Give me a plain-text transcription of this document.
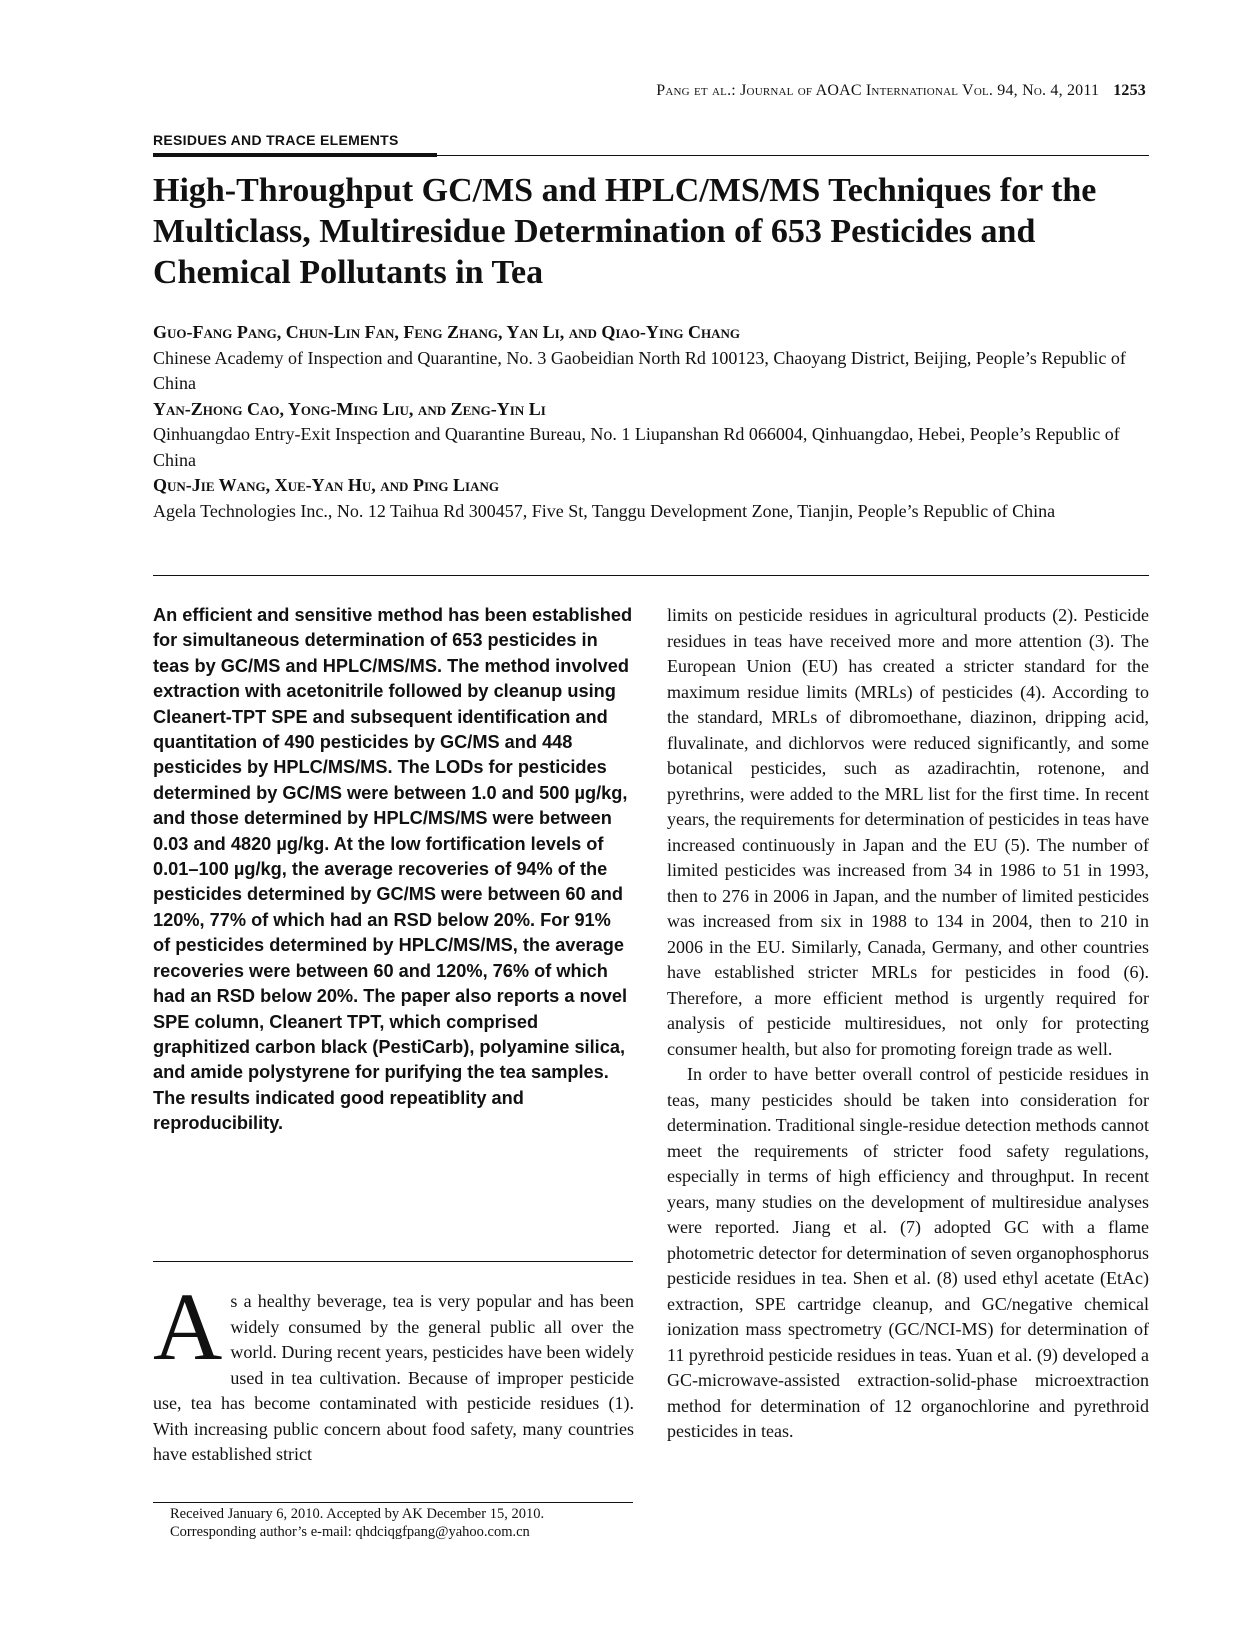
Pang et al.: Journal of AOAC International Vol. 94, No. 4, 2011 1253
RESIDUES AND TRACE ELEMENTS
High-Throughput GC/MS and HPLC/MS/MS Techniques for the Multiclass, Multiresidue Determination of 653 Pesticides and Chemical Pollutants in Tea
Guo-Fang Pang, Chun-Lin Fan, Feng Zhang, Yan Li, and Qiao-Ying Chang
Chinese Academy of Inspection and Quarantine, No. 3 Gaobeidian North Rd 100123, Chaoyang District, Beijing, People’s Republic of China
Yan-Zhong Cao, Yong-Ming Liu, and Zeng-Yin Li
Qinhuangdao Entry-Exit Inspection and Quarantine Bureau, No. 1 Liupanshan Rd 066004, Qinhuangdao, Hebei, People’s Republic of China
Qun-Jie Wang, Xue-Yan Hu, and Ping Liang
Agela Technologies Inc., No. 12 Taihua Rd 300457, Five St, Tanggu Development Zone, Tianjin, People’s Republic of China
An efficient and sensitive method has been established for simultaneous determination of 653 pesticides in teas by GC/MS and HPLC/MS/MS. The method involved extraction with acetonitrile followed by cleanup using Cleanert-TPT SPE and subsequent identification and quantitation of 490 pesticides by GC/MS and 448 pesticides by HPLC/MS/MS. The LODs for pesticides determined by GC/MS were between 1.0 and 500 µg/kg, and those determined by HPLC/MS/MS were between 0.03 and 4820 µg/kg. At the low fortification levels of 0.01–100 µg/kg, the average recoveries of 94% of the pesticides determined by GC/MS were between 60 and 120%, 77% of which had an RSD below 20%. For 91% of pesticides determined by HPLC/MS/MS, the average recoveries were between 60 and 120%, 76% of which had an RSD below 20%. The paper also reports a novel SPE column, Cleanert TPT, which comprised graphitized carbon black (PestiCarb), polyamine silica, and amide polystyrene for purifying the tea samples. The results indicated good repeatiblity and reproducibility.

As a healthy beverage, tea is very popular and has been widely consumed by the general public all over the world. During recent years, pesticides have been widely used in tea cultivation. Because of improper pesticide use, tea has become contaminated with pesticide residues (1). With increasing public concern about food safety, many countries have established strict

Received January 6, 2010. Accepted by AK December 15, 2010.
Corresponding author’s e-mail: qhdciqgfpang@yahoo.com.cn

limits on pesticide residues in agricultural products (2). Pesticide residues in teas have received more and more attention (3). The European Union (EU) has created a stricter standard for the maximum residue limits (MRLs) of pesticides (4). According to the standard, MRLs of dibromoethane, diazinon, dripping acid, fluvalinate, and dichlorvos were reduced significantly, and some botanical pesticides, such as azadirachtin, rotenone, and pyrethrins, were added to the MRL list for the first time. In recent years, the requirements for determination of pesticides in teas have increased continuously in Japan and the EU (5). The number of limited pesticides was increased from 34 in 1986 to 51 in 1993, then to 276 in 2006 in Japan, and the number of limited pesticides was increased from six in 1988 to 134 in 2004, then to 210 in 2006 in the EU. Similarly, Canada, Germany, and other countries have established stricter MRLs for pesticides in food (6). Therefore, a more efficient method is urgently required for analysis of pesticide multiresidues, not only for protecting consumer health, but also for promoting foreign trade as well.

In order to have better overall control of pesticide residues in teas, many pesticides should be taken into consideration for determination. Traditional single-residue detection methods cannot meet the requirements of stricter food safety regulations, especially in terms of high efficiency and throughput. In recent years, many studies on the development of multiresidue analyses were reported. Jiang et al. (7) adopted GC with a flame photometric detector for determination of seven organophosphorus pesticide residues in tea. Shen et al. (8) used ethyl acetate (EtAc) extraction, SPE cartridge cleanup, and GC/negative chemical ionization mass spectrometry (GC/NCI-MS) for determination of 11 pyrethroid pesticide residues in teas. Yuan et al. (9) developed a GC-microwave-assisted extraction-solid-phase microextraction method for determination of 12 organochlorine and pyrethroid pesticides in teas.
